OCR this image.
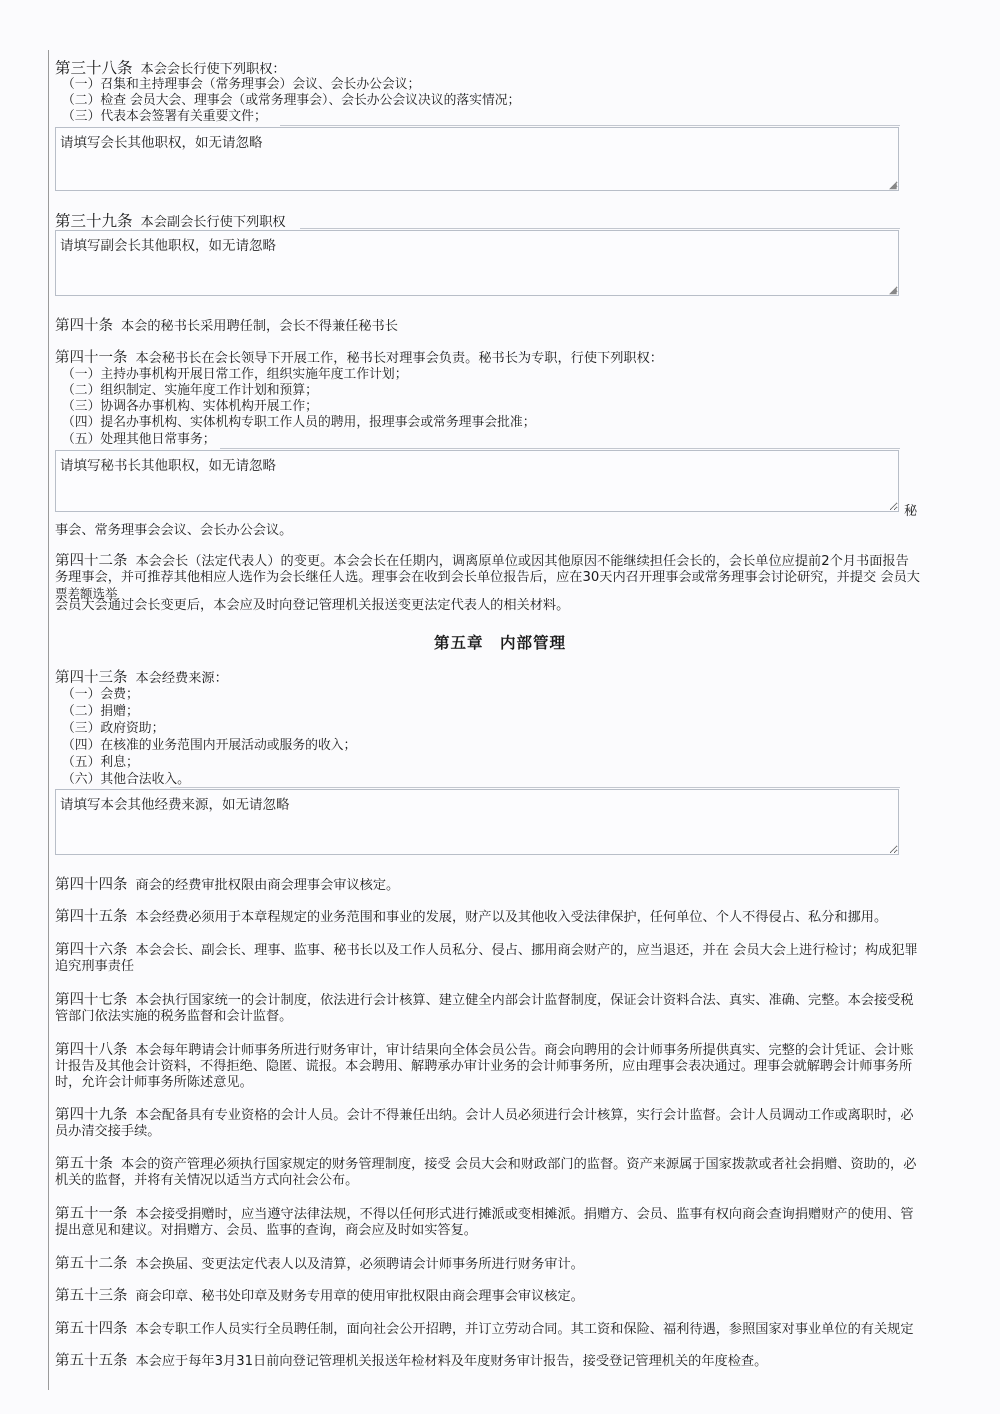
第三十八条 本会会长行使下列职权：
（一）召集和主持理事会（常务理事会）会议、会长办公会议；
（二）检查 会员大会、理事会（或常务理事会）、会长办公会议决议的落实情况；
（三）代表本会签署有关重要文件；
请填写会长其他职权，如无请忽略
◢
第三十九条 本会副会长行使下列职权
请填写副会长其他职权，如无请忽略
◢
第四十条 本会的秘书长采用聘任制，会长不得兼任秘书长
第四十一条 本会秘书长在会长领导下开展工作，秘书长对理事会负责。秘书长为专职，行使下列职权：
（一）主持办事机构开展日常工作，组织实施年度工作计划；
（二）组织制定、实施年度工作计划和预算；
（三）协调各办事机构、实体机构开展工作；
（四）提名办事机构、实体机构专职工作人员的聘用，报理事会或常务理事会批准；
（五）处理其他日常事务；
请填写秘书长其他职权，如无请忽略
秘
事会、常务理事会会议、会长办公会议。
第四十二条 本会会长（法定代表人）的变更。本会会长在任期内，调离原单位或因其他原因不能继续担任会长的，会长单位应提前2个月书面报告
务理事会，并可推荐其他相应人选作为会长继任人选。理事会在收到会长单位报告后，应在30天内召开理事会或常务理事会讨论研究，并提交 会员大
票差额选举
会员大会通过会长变更后，本会应及时向登记管理机关报送变更法定代表人的相关材料。
第五章　内部管理
第四十三条 本会经费来源：
（一）会费；
（二）捐赠；
（三）政府资助；
（四）在核准的业务范围内开展活动或服务的收入；
（五）利息；
（六）其他合法收入。
请填写本会其他经费来源，如无请忽略
第四十四条 商会的经费审批权限由商会理事会审议核定。
第四十五条 本会经费必须用于本章程规定的业务范围和事业的发展，财产以及其他收入受法律保护，任何单位、个人不得侵占、私分和挪用。
第四十六条 本会会长、副会长、理事、监事、秘书长以及工作人员私分、侵占、挪用商会财产的，应当退还，并在 会员大会上进行检讨；构成犯罪
追究刑事责任
第四十七条 本会执行国家统一的会计制度，依法进行会计核算、建立健全内部会计监督制度，保证会计资料合法、真实、准确、完整。本会接受税
管部门依法实施的税务监督和会计监督。
第四十八条 本会每年聘请会计师事务所进行财务审计，审计结果向全体会员公告。商会向聘用的会计师事务所提供真实、完整的会计凭证、会计账
计报告及其他会计资料，不得拒绝、隐匿、谎报。本会聘用、解聘承办审计业务的会计师事务所，应由理事会表决通过。理事会就解聘会计师事务所
时，允许会计师事务所陈述意见。
第四十九条 本会配备具有专业资格的会计人员。会计不得兼任出纳。会计人员必须进行会计核算，实行会计监督。会计人员调动工作或离职时，必
员办清交接手续。
第五十条 本会的资产管理必须执行国家规定的财务管理制度，接受 会员大会和财政部门的监督。资产来源属于国家拨款或者社会捐赠、资助的，必
机关的监督，并将有关情况以适当方式向社会公布。
第五十一条 本会接受捐赠时，应当遵守法律法规，不得以任何形式进行摊派或变相摊派。捐赠方、会员、监事有权向商会查询捐赠财产的使用、管
提出意见和建议。对捐赠方、会员、监事的查询，商会应及时如实答复。
第五十二条 本会换届、变更法定代表人以及清算，必须聘请会计师事务所进行财务审计。
第五十三条 商会印章、秘书处印章及财务专用章的使用审批权限由商会理事会审议核定。
第五十四条 本会专职工作人员实行全员聘任制，面向社会公开招聘，并订立劳动合同。其工资和保险、福利待遇，参照国家对事业单位的有关规定
第五十五条 本会应于每年3月31日前向登记管理机关报送年检材料及年度财务审计报告，接受登记管理机关的年度检查。
